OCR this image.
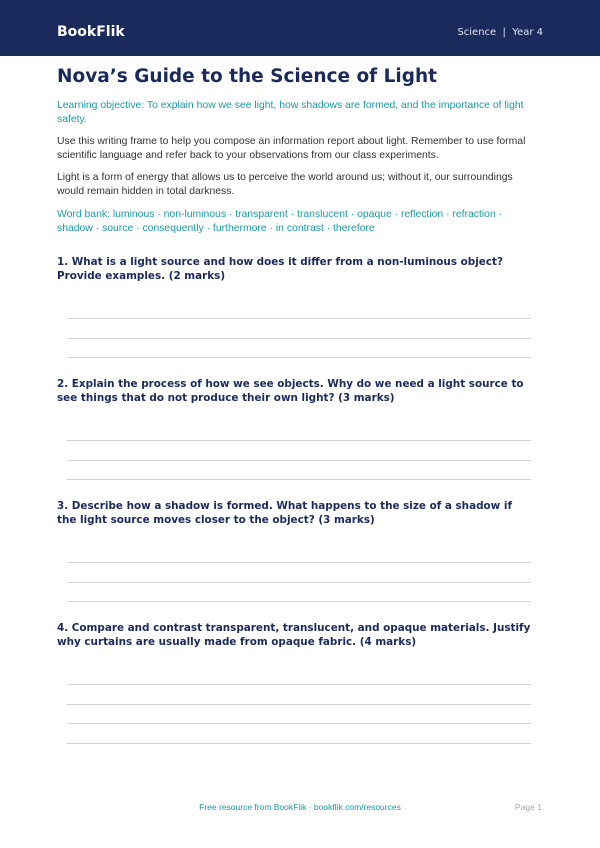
BookFlik	Science  |  Year 4
Nova’s Guide to the Science of Light
Learning objective: To explain how we see light, how shadows are formed, and the importance of light safety.
Use this writing frame to help you compose an information report about light. Remember to use formal scientific language and refer back to your observations from our class experiments.
Light is a form of energy that allows us to perceive the world around us; without it, our surroundings would remain hidden in total darkness.
Word bank: luminous · non-luminous · transparent · translucent · opaque · reflection · refraction · shadow · source · consequently · furthermore · in contrast · therefore
1. What is a light source and how does it differ from a non-luminous object? Provide examples. (2 marks)
2. Explain the process of how we see objects. Why do we need a light source to see things that do not produce their own light? (3 marks)
3. Describe how a shadow is formed. What happens to the size of a shadow if the light source moves closer to the object? (3 marks)
4. Compare and contrast transparent, translucent, and opaque materials. Justify why curtains are usually made from opaque fabric. (4 marks)
Free resource from BookFlik · bookflik.com/resources	Page 1
